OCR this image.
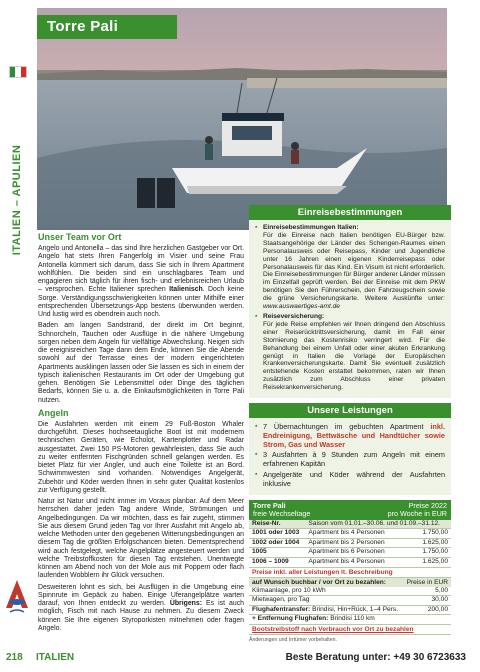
ITALIEN – APULIEN
218
Torre Pali
Unser Team vor Ort

Angelo und Antonella – das sind Ihre herzlichen Gastgeber vor Ort. Angelo hat stets Ihren Fangerfolg im Visier und seine Frau Antonella kümmert sich darum, dass Sie sich in Ihrem Apartment wohlfühlen. Die beiden sind ein unschlagbares Team und engagieren sich täglich für ihren fisch- und erlebnisreichen Urlaub – versprochen. Echte Italiener sprechen Italienisch. Doch keine Sorge. Verständigungsschwierigkeiten können unter Mithilfe einer entsprechenden Übersetzungs-App bestens überwunden werden. Und lustig wird es obendrein auch noch.

Baden am langen Sandstrand, der direkt im Ort beginnt, Schnorcheln, Tauchen oder Ausflüge in die nähere Umgebung sorgen neben dem Angeln für vielfältige Abwechslung. Neigen sich die ereignisreichen Tage dann dem Ende, können Sie die Abende sowohl auf der Terrasse eines der modern eingerichteten Apartments ausklingen lassen oder Sie lassen es sich in einem der typisch italienischen Restaurants im Ort oder der Umgebung gut gehen. Benötigen Sie Lebensmittel oder Dinge des täglichen Bedarfs, können Sie u. a. die Einkaufsmöglichkeiten in Torre Pali nutzen.

Angeln

Die Ausfahrten werden mit einem 29 Fuß-Boston Whaler durchgeführt. Dieses hochseetaugliche Boot ist mit modernem technischen Geräten, wie Echolot, Kartenplotter und Radar ausgestattet. Zwei 150 PS-Motoren gewährleisten, dass Sie auch zu weiter entfernten Fischgründen schnell gelangen werden. Es bietet Platz für vier Angler, und auch eine Toilette ist an Bord. Schwimmwesten sind vorhanden. Notwendiges Angelgerät, Zubehör und Köder werden Ihnen in sehr guter Qualität kostenlos zur Verfügung gestellt.

Natur ist Natur und nicht immer im Voraus planbar. Auf dem Meer herrschen daher jeden Tag andere Winde, Strömungen und Angelbedingungen. Da wir möchten, dass es fair zugeht, stimmen Sie aus diesem Grund jeden Tag vor Ihrer Ausfahrt mit Angelo ab, welche Methoden unter den gegebenen Witterungsbedingungen an diesem Tag die größten Erfolgschancen bieten. Dementsprechend wird auch festgelegt, welche Angelplätze angesteuert werden und welche Treibstoffkosten für diesen Tag entstehen. Unentwegte können am Abend noch von der Mole aus mit Poppern oder flach laufenden Wobblern ihr Glück versuchen.

Desweiteren lohnt es sich, bei Ausflügen in die Umgebung eine Spinnrute im Gepäck zu haben. Einige Uferangelplätze warten darauf, von Ihnen entdeckt zu werden. Übrigens: Es ist auch möglich, Fisch mit nach Hause zu nehmen. Zu diesem Zweck können Sie Ihre eigenen Styroporkisten mitnehmen oder fragen Angelo.

Einreisebestimmungen
▪ Einreisebestimmungen Italien:
Für die Einreise nach Italien benötigen EU-Bürger bzw. Staatsangehörige der Länder des Schengen-Raumes einen Personalausweis oder Reisepass, Kinder und Jugendliche unter 16 Jahren einen eigenen Kinderreisepass oder Personalausweis für das Kind. Ein Visum ist nicht erforderlich. Die Einreisebestimmungen für Bürger anderer Länder müssen im Einzelfall geprüft werden. Bei der Einreise mit dem PKW benötigen Sie den Führerschein, den Fahrzeugschein sowie die grüne Versicherungskarte. Weitere Auskünfte unter: www.auswaertiges-amt.de
▪ Reiseversicherung:
Für jede Reise empfehlen wir Ihnen dringend den Abschluss einer Reiserücktrittsversicherung, damit im Fall einer Stornierung das Kostenrisiko verringert wird. Für die Behandlung bei einem Unfall oder einer akuten Erkrankung genügt in Italien die Vorlage der Europäischen Krankenversicherungskarte. Damit Sie eventuell zusätzlich entstehende Kosten erstattet bekommen, raten wir Ihnen zusätzlich zum Abschluss einer privaten Reisekrankenversicherung.
Unsere Leistungen
▪ 7 Übernachtungen im gebuchten Apartment inkl. Endreinigung, Bettwäsche und Handtücher sowie Strom, Gas und Wasser
▪ 3 Ausfahrten à 9 Stunden zum Angeln mit einem erfahrenen Kapitän
▪ Angelgeräte und Köder während der Ausfahrten inklusive
Torre Pali
freie Wechseltage
Preise 2022
pro Woche in EUR
Reise-Nr.	Saison vom 01.01.–30.06. und 01.09.–31.12.	
1001 oder 1003	Apartment bis 4 Personen	1.750,00
1002 oder 1004	Apartment bis 2 Personen	1.625,00
1005	Apartment bis 6 Personen	1.750,00
1006 – 1009	Apartment bis 4 Personen	1.625,00
Preise inkl. aller Leistungen lt. Beschreibung
auf Wunsch buchbar / vor Ort zu bezahlen:	Preise in EUR
Klimaanlage, pro 10 kWh	5,00
Mietwagen, pro Tag	30,00
Flughafentransfer: Brindisi, Hin+Rück, 1–4 Pers.	200,00
+ Entfernung Flughafen: Brindisi 110 km	
Bootstreibstoff nach Verbrauch vor Ort zu bezahlen
Änderungen und Irrtümer vorbehalten.
ITALIEN	Beste Beratung unter: +49 30 6723633
